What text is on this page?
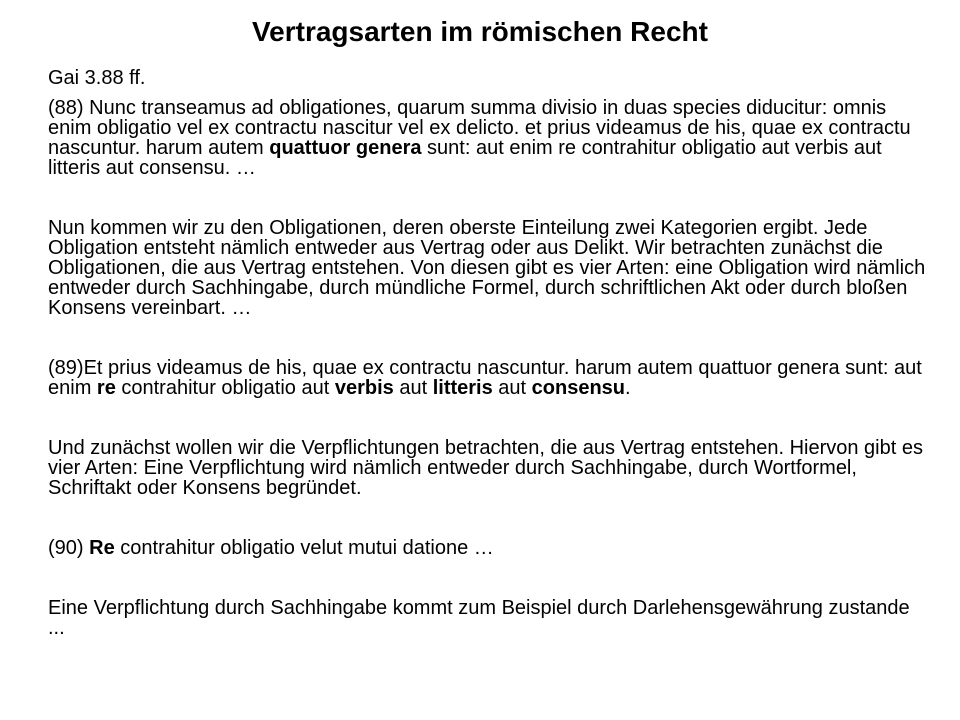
Vertragsarten im römischen Recht

Gai 3.88 ff.

(88) Nunc transeamus ad obligationes, quarum summa divisio in duas species diducitur: omnis enim obligatio vel ex contractu nascitur vel ex delicto. et prius videamus de his, quae ex contractu nascuntur. harum autem quattuor genera sunt: aut enim re contrahitur obligatio aut verbis aut litteris aut consensu. …

Nun kommen wir zu den Obligationen, deren oberste Einteilung zwei Kategorien ergibt. Jede Obligation entsteht nämlich entweder aus Vertrag oder aus Delikt. Wir betrachten zunächst die Obligationen, die aus Vertrag entstehen. Von diesen gibt es vier Arten: eine Obligation wird nämlich entweder durch Sachhingabe, durch mündliche Formel, durch schriftlichen Akt oder durch bloßen Konsens vereinbart. …

(89)Et prius videamus de his, quae ex contractu nascuntur. harum autem quattuor genera sunt: aut enim re contrahitur obligatio aut verbis aut litteris aut consensu.

Und zunächst wollen wir die Verpflichtungen betrachten, die aus Vertrag entstehen. Hiervon gibt es vier Arten: Eine Verpflichtung wird nämlich entweder durch Sachhingabe, durch Wortformel, Schriftakt oder Konsens begründet.

(90) Re contrahitur obligatio velut mutui datione …

Eine Verpflichtung durch Sachhingabe kommt zum Beispiel durch Darlehensgewährung zustande ...
